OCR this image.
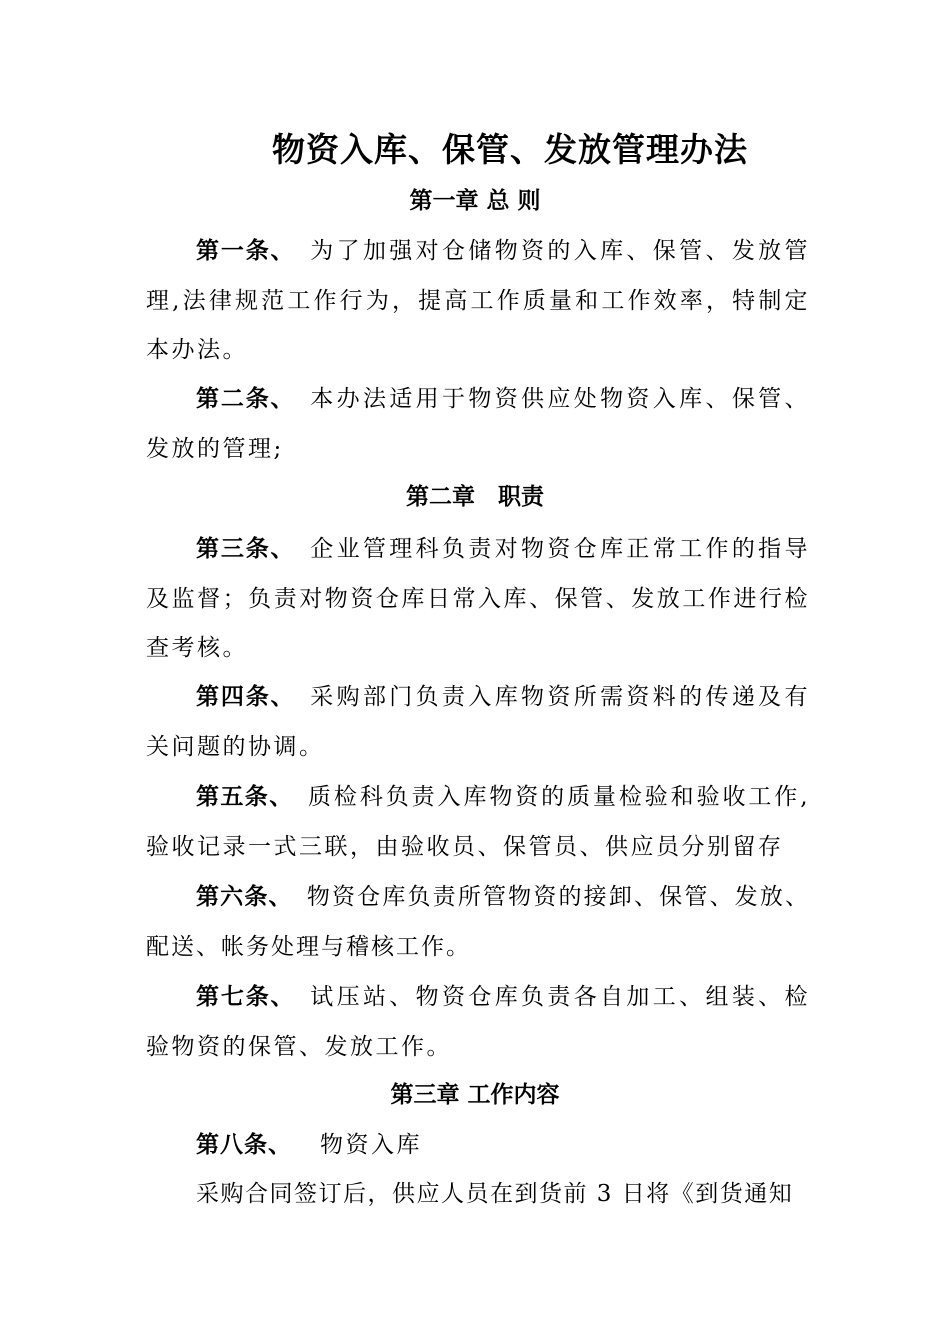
物资入库、保管、发放管理办法
第一章 总 则
第一条、 为了加强对仓储物资的入库、保管、发放管理,法律规范工作行为，提高工作质量和工作效率，特制定本办法。
第二条、 本办法适用于物资供应处物资入库、保管、发放的管理;
第二章　职责
第三条、 企业管理科负责对物资仓库正常工作的指导及监督；负责对物资仓库日常入库、保管、发放工作进行检查考核。
第四条、 采购部门负责入库物资所需资料的传递及有关问题的协调。
第五条、 质检科负责入库物资的质量检验和验收工作,验收记录一式三联，由验收员、保管员、供应员分别留存
第六条、 物资仓库负责所管物资的接卸、保管、发放、配送、帐务处理与稽核工作。
第七条、 试压站、物资仓库负责各自加工、组装、检验物资的保管、发放工作。
第三章 工作内容
第八条、 物资入库
采购合同签订后，供应人员在到货前 3 日将《到货通知
